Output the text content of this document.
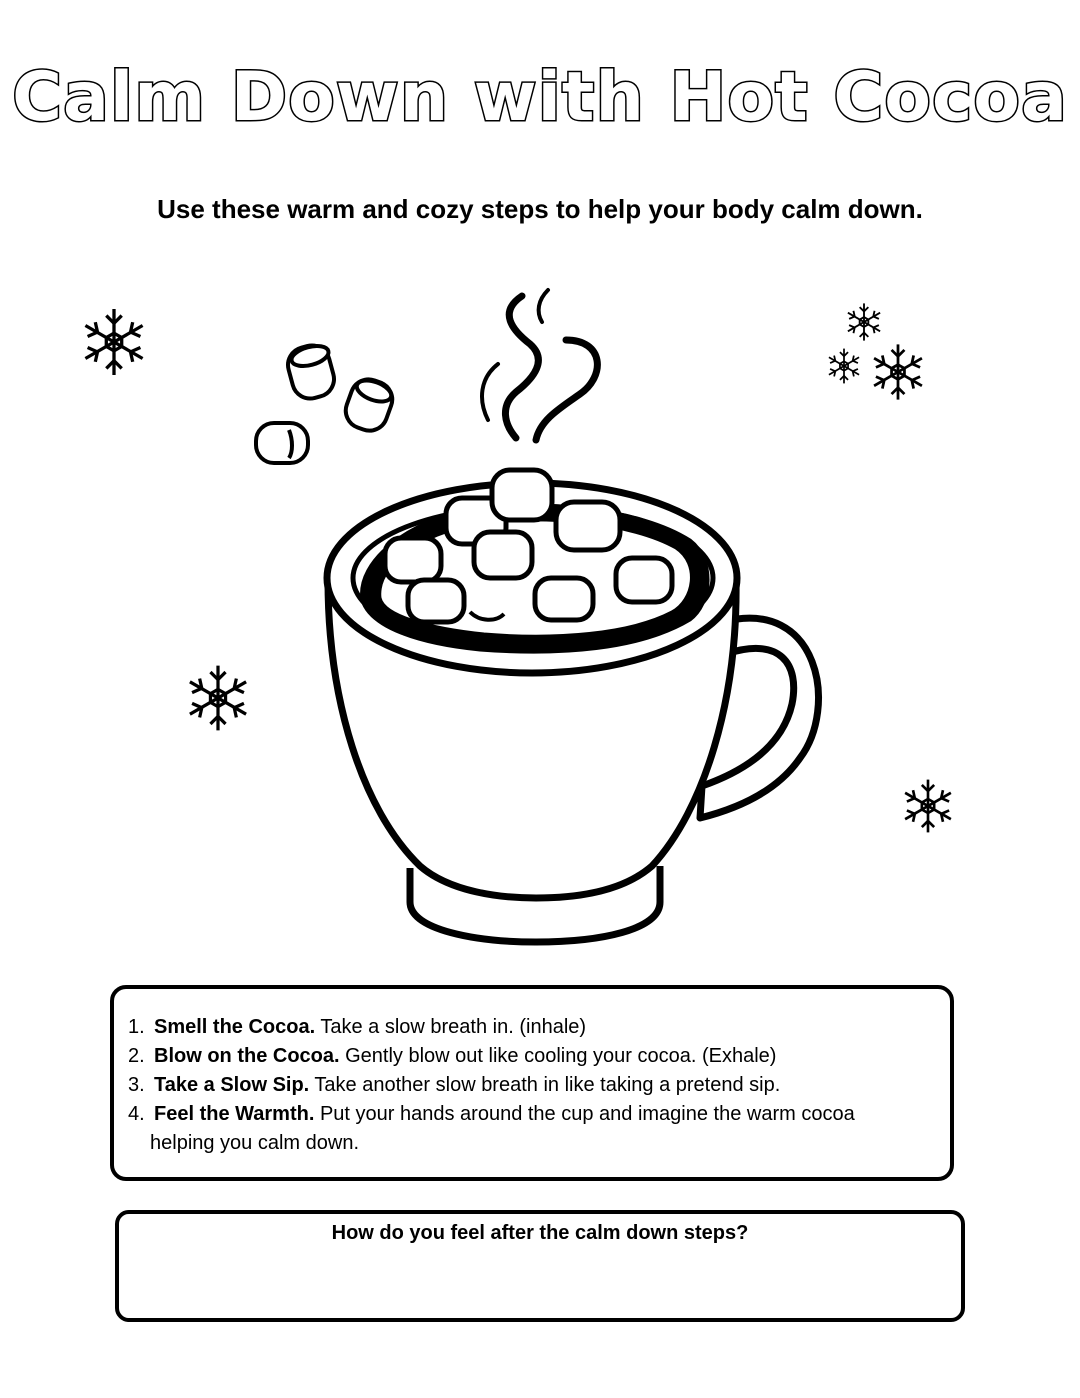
Calm Down with Hot Cocoa

Use these warm and cozy steps to help your body calm down.

1. Smell the Cocoa. Take a slow breath in. (inhale)
2. Blow on the Cocoa. Gently blow out like cooling your cocoa. (Exhale)
3. Take a Slow Sip. Take another slow breath in like taking a pretend sip.
4. Feel the Warmth. Put your hands around the cup and imagine the warm cocoa
helping you calm down.

How do you feel after the calm down steps?
